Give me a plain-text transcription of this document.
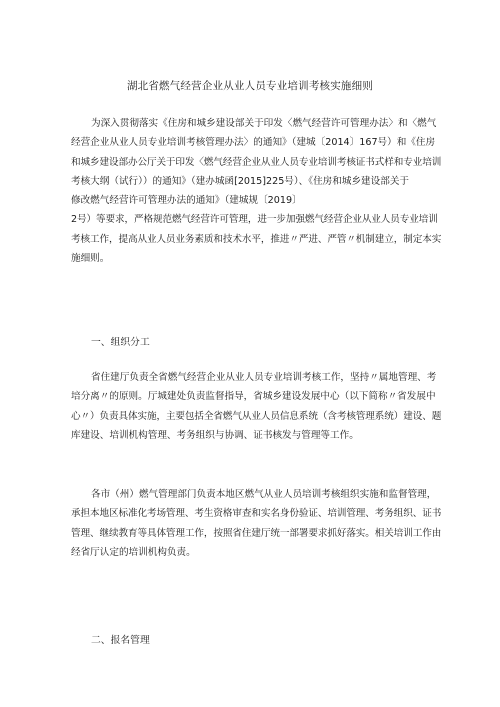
湖北省燃气经营企业从业人员专业培训考核实施细则
为深入贯彻落实《住房和城乡建设部关于印发〈燃气经营许可管理办法〉和〈燃气
经营企业从业人员专业培训考核管理办法〉的通知》（建城〔2014〕167号）和《住房
和城乡建设部办公厅关于印发〈燃气经营企业从业人员专业培训考核证书式样和专业培训
考核大纲（试行））的通知》（建办城函[2015]225号）、《住房和城乡建设部关于
修改燃气经营许可管理办法的通知》（建城规〔2019〕
2号）等要求，严格规范燃气经营许可管理，进一步加强燃气经营企业从业人员专业培训
考核工作，提高从业人员业务素质和技术水平，推进〃严进、严管〃机制建立，制定本实
施细则。
一、组织分工
省住建厅负责全省燃气经营企业从业人员专业培训考核工作，坚持〃属地管理、考
培分离〃的原则。厅城建处负责监督指导，省城乡建设发展中心（以下简称〃省发展中
心〃）负责具体实施，主要包括全省燃气从业人员信息系统（含考核管理系统）建设、题
库建设、培训机构管理、考务组织与协调、证书核发与管理等工作。
各市（州）燃气管理部门负责本地区燃气从业人员培训考核组织实施和监督管理，
承担本地区标准化考场管理、考生资格审查和实名身份验证、培训管理、考务组织、证书
管理、继续教育等具体管理工作，按照省住建厅统一部署要求抓好落实。相关培训工作由
经省厅认定的培训机构负责。
二、报名管理
